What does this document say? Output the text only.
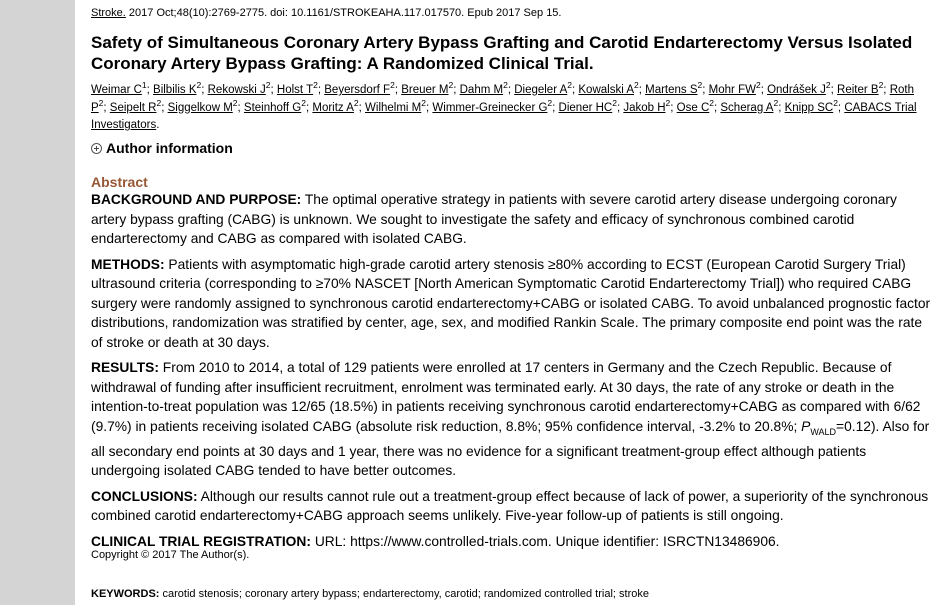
Stroke. 2017 Oct;48(10):2769-2775. doi: 10.1161/STROKEAHA.117.017570. Epub 2017 Sep 15.
Safety of Simultaneous Coronary Artery Bypass Grafting and Carotid Endarterectomy Versus Isolated Coronary Artery Bypass Grafting: A Randomized Clinical Trial.
Weimar $C^1$; Bilbilis $K^2$; Rekowski $J^2$; Holst $T^2$; Beyersdorf $F^2$; Breuer $M^2$; Dahm $M^2$; Diegeler $A^2$; Kowalski $A^2$; Martens $S^2$; Mohr $FW^2$; Ondrášek $J^2$; Reiter $B^2$; Roth $P^2$; Seipelt $R^2$; Siggelkow $M^2$; Steinhoff $G^2$; Moritz $A^2$; Wilhelmi $M^2$; Wimmer-Greinecker $G^2$; Diener $HC^2$; Jakob $H^2$; Ose $C^2$; Scherag $A^2$; Knipp $SC^2$; CABACS Trial Investigators.
Author information
Abstract

BACKGROUND AND PURPOSE: The optimal operative strategy in patients with severe carotid artery disease undergoing coronary artery bypass grafting (CABG) is unknown. We sought to investigate the safety and efficacy of synchronous combined carotid endarterectomy and CABG as compared with isolated CABG.

METHODS: Patients with asymptomatic high-grade carotid artery stenosis ≥80% according to ECST (European Carotid Surgery Trial) ultrasound criteria (corresponding to ≥70% NASCET [North American Symptomatic Carotid Endarterectomy Trial]) who required CABG surgery were randomly assigned to synchronous carotid endarterectomy+CABG or isolated CABG. To avoid unbalanced prognostic factor distributions, randomization was stratified by center, age, sex, and modified Rankin Scale. The primary composite end point was the rate of stroke or death at 30 days.

RESULTS: From 2010 to 2014, a total of 129 patients were enrolled at 17 centers in Germany and the Czech Republic. Because of withdrawal of funding after insufficient recruitment, enrolment was terminated early. At 30 days, the rate of any stroke or death in the intention-to-treat population was 12/65 (18.5%) in patients receiving synchronous carotid endarterectomy+CABG as compared with 6/62 (9.7%) in patients receiving isolated CABG (absolute risk reduction, 8.8%; 95% confidence interval, -3.2% to 20.8%; $P_{WALD}=0.12$). Also for all secondary end points at 30 days and 1 year, there was no evidence for a significant treatment-group effect although patients undergoing isolated CABG tended to have better outcomes.

CONCLUSIONS: Although our results cannot rule out a treatment-group effect because of lack of power, a superiority of the synchronous combined carotid endarterectomy+CABG approach seems unlikely. Five-year follow-up of patients is still ongoing.

CLINICAL TRIAL REGISTRATION: URL: https://www.controlled-trials.com. Unique identifier: ISRCTN13486906.

Copyright © 2017 The Author(s).
KEYWORDS: carotid stenosis; coronary artery bypass; endarterectomy, carotid; randomized controlled trial; stroke
